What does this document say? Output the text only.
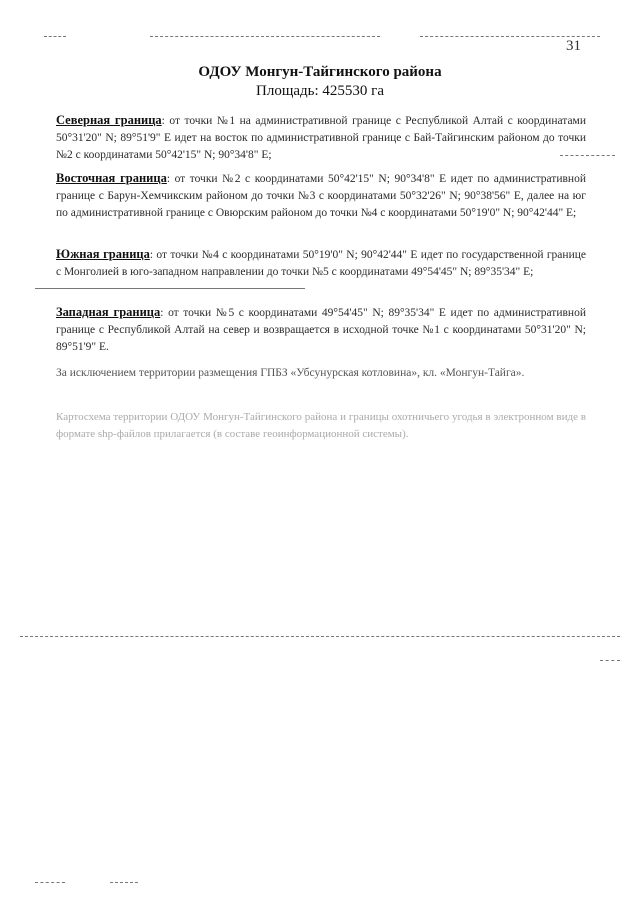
31
ОДОУ Монгун-Тайгинского района
Площадь: 425530 га
Северная граница: от точки №1 на административной границе с Республикой Алтай с координатами 50°31'20" N; 89°51'9" E идет на восток по административной границе с Бай-Тайгинским районом до точки №2 с координатами 50°42'15" N; 90°34'8" E;
Восточная граница: от точки №2 с координатами 50°42'15" N; 90°34'8" E идет по административной границе с Барун-Хемчикским районом до точки №3 с координатами 50°32'26" N; 90°38'56" E, далее на юг по административной границе с Овюрским районом до точки №4 с координатами 50°19'0" N; 90°42'44" E;
Южная граница: от точки №4 с координатами 50°19'0" N; 90°42'44" E идет по государственной границе с Монголией в юго-западном направлении до точки №5 с координатами 49°54'45" N; 89°35'34" E;
Западная граница: от точки №5 с координатами 49°54'45" N; 89°35'34" E идет по административной границе с Республикой Алтай на север и возвращается в исходной точке №1 с координатами 50°31'20" N; 89°51'9" E.
За исключением территории размещения ГПБЗ «Убсунурская котловина», кл. «Монгун-Тайга».
Картосхема территории ОДОУ Монгун-Тайгинского района и границы охотничьего угодья в электронном виде в формате shp-файлов прилагается (в составе геоинформационной системы).
